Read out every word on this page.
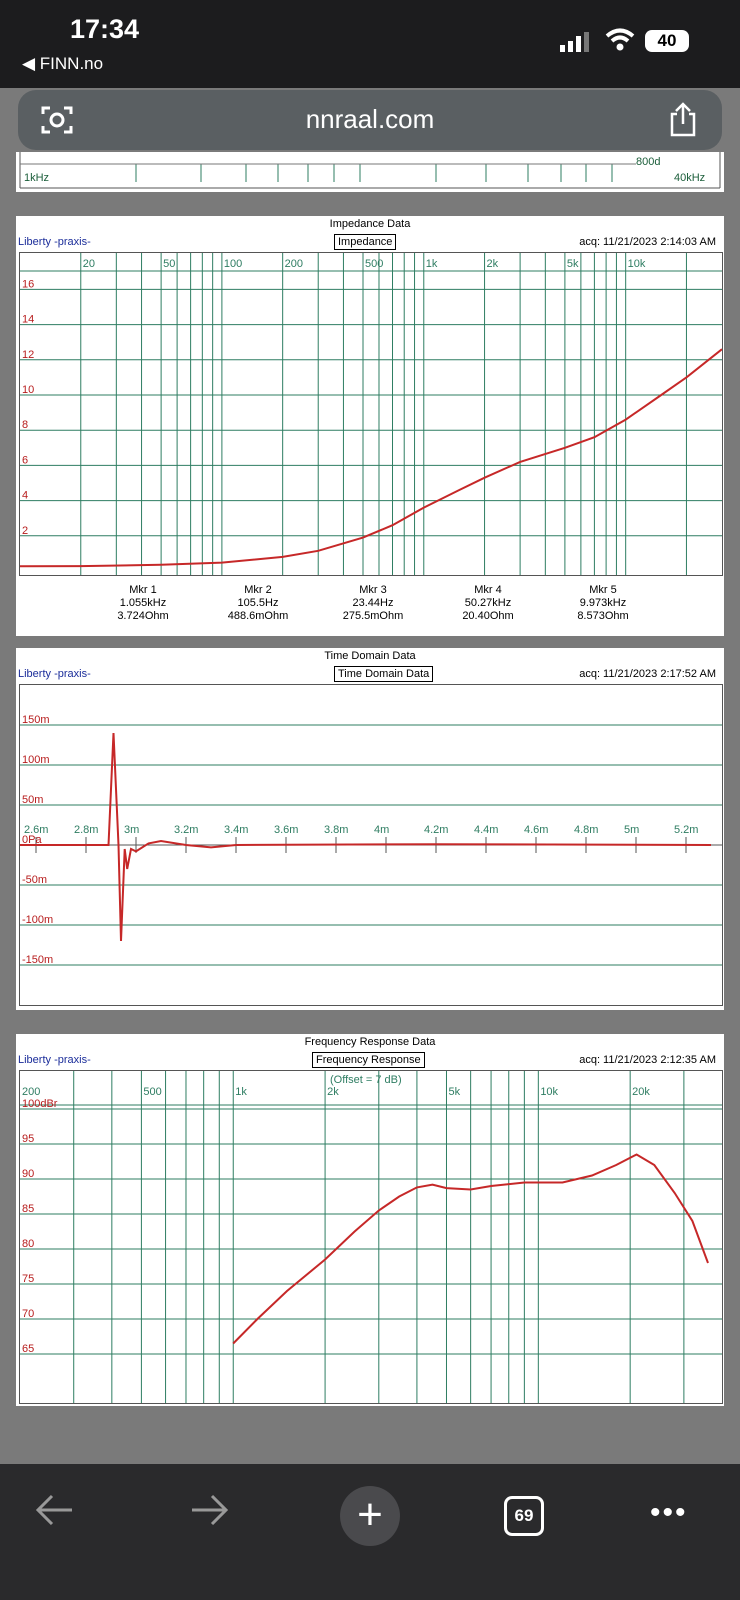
17:34
◀ FINN.no
40
nnraal.com
1kHz	40kHz
800d
Impedance Data
Impedance
Liberty -praxis-	acq: 11/21/2023 2:14:03 AM
20	50	100	200	500	1k	2k	5k	10k
16
14
12
10
8
6
4
2
Mkr 1
1.055kHz
3.724Ohm
Mkr 2
105.5Hz
488.6mOhm
Mkr 3
23.44Hz
275.5mOhm
Mkr 4
50.27kHz
20.40Ohm
Mkr 5
9.973kHz
8.573Ohm
Time Domain Data
Time Domain Data
Liberty -praxis-	acq: 11/21/2023 2:17:52 AM
2.6m 2.8m 3m	3.2m 3.4m 3.6m 3.8m 4m	4.2m 4.4m 4.6m 4.8m 5m	5.2m
150m
100m
50m
0Pa
-50m
-100m
-150m
Frequency Response Data
Frequency Response
Liberty -praxis-	acq: 11/21/2023 2:12:35 AM
200	500	1k	2k	5k	10k	20k
100dBr
95
90
85
80
75
70
65
(Offset = 7 dB)
+	69	•••
